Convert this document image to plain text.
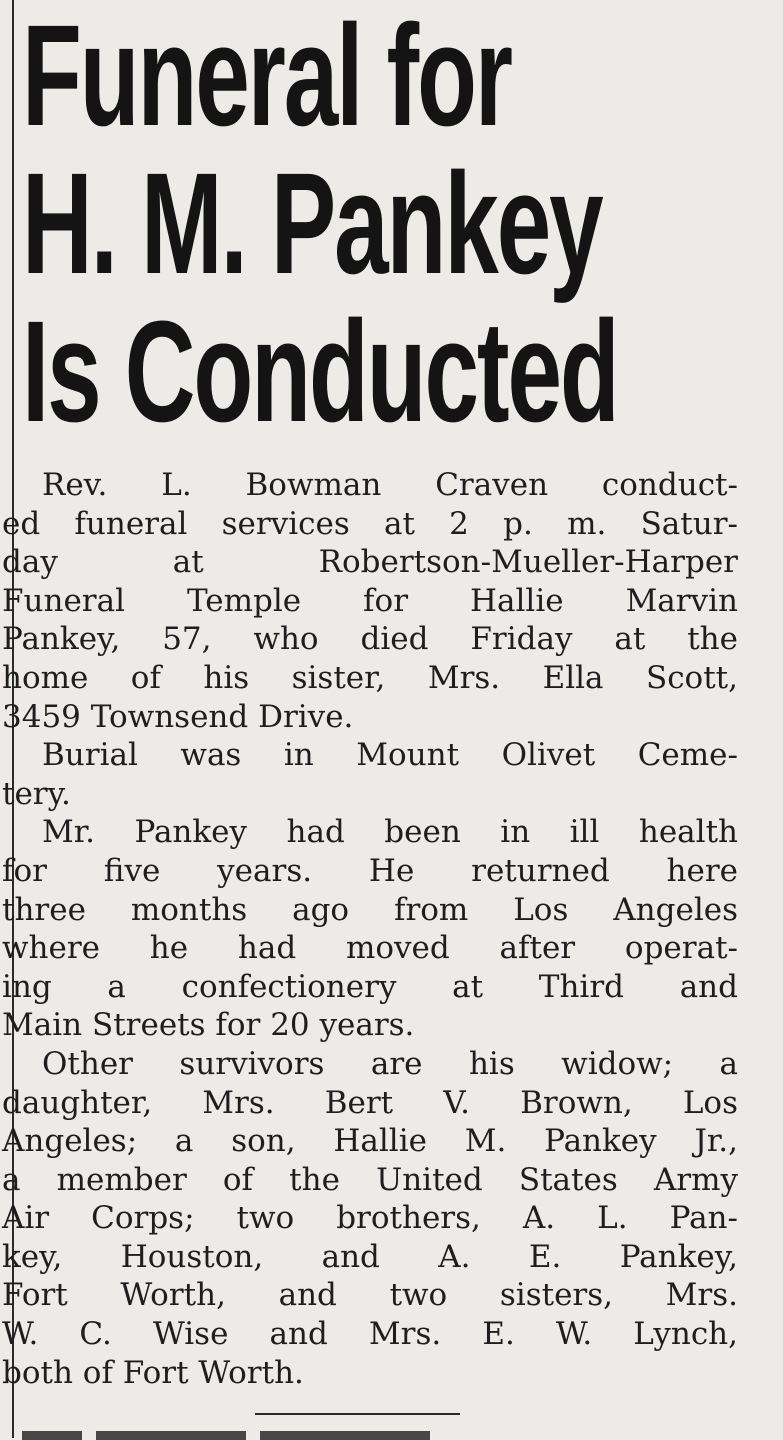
Funeral for
H. M. Pankey
Is Conducted

Rev. L. Bowman Craven conduct-
ed funeral services at 2 p. m. Satur-
day at Robertson-Mueller-Harper
Funeral Temple for Hallie Marvin
Pankey, 57, who died Friday at the
home of his sister, Mrs. Ella Scott,
3459 Townsend Drive.

Burial was in Mount Olivet Ceme-
tery.

Mr. Pankey had been in ill health
for five years. He returned here
three months ago from Los Angeles
where he had moved after operat-
ing a confectionery at Third and
Main Streets for 20 years.

Other survivors are his widow; a
daughter, Mrs. Bert V. Brown, Los
Angeles; a son, Hallie M. Pankey Jr.,
a member of the United States Army
Air Corps; two brothers, A. L. Pan-
key, Houston, and A. E. Pankey,
Fort Worth, and two sisters, Mrs.
W. C. Wise and Mrs. E. W. Lynch,
both of Fort Worth.
